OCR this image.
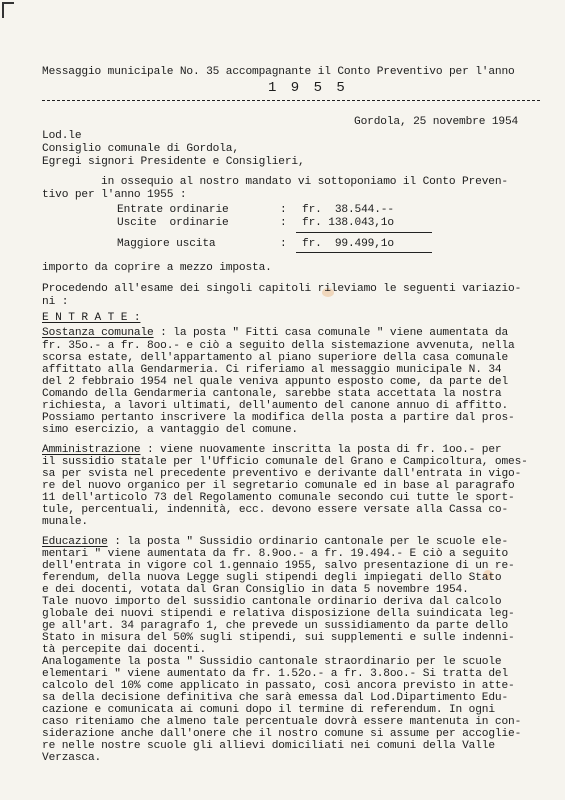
Messaggio municipale No. 35 accompagnante il Conto Preventivo per l'anno
1 9 5 5
Gordola, 25 novembre 1954
Lod.le
Consiglio comunale di Gordola,
Egregi signori Presidente e Consiglieri,
in ossequio al nostro mandato vi sottoponiamo il Conto Preven-
tivo per l'anno 1955 :
Entrate ordinarie	: fr.  38.544.--
Uscite  ordinarie	: fr. 138.043,1o
Maggiore uscita	: fr.  99.499,1o
importo da coprire a mezzo imposta.
Procedendo all'esame dei singoli capitoli rileviamo le seguenti variazio-
ni :
E N T R A T E :
Sostanza comunale : la posta " Fitti casa comunale " viene aumentata da
fr. 35o.- a fr. 8oo.- e ciò a seguito della sistemazione avvenuta, nella
scorsa estate, dell'appartamento al piano superiore della casa comunale
affittato alla Gendarmeria. Ci riferiamo al messaggio municipale N. 34
del 2 febbraio 1954 nel quale veniva appunto esposto come, da parte del
Comando della Gendarmeria cantonale, sarebbe stata accettata la nostra
richiesta, a lavori ultimati, dell'aumento del canone annuo di affitto.
Possiamo pertanto inscrivere la modifica della posta a partire dal pros-
simo esercizio, a vantaggio del comune.
Amministrazione : viene nuovamente inscritta la posta di fr. 1oo.- per
il sussidio statale per l'Ufficio comunale del Grano e Campicoltura, omes-
sa per svista nel precedente preventivo e derivante dall'entrata in vigo-
re del nuovo organico per il segretario comunale ed in base al paragrafo
11 dell'articolo 73 del Regolamento comunale secondo cui tutte le sport-
tule, percentuali, indennità, ecc. devono essere versate alla Cassa co-
munale.
Educazione : la posta " Sussidio ordinario cantonale per le scuole ele-
mentari " viene aumentata da fr. 8.9oo.- a fr. 19.494.- E ciò a seguito
dell'entrata in vigore col 1.gennaio 1955, salvo presentazione di un re-
ferendum, della nuova Legge sugli stipendi degli impiegati dello Stato
e dei docenti, votata dal Gran Consiglio in data 5 novembre 1954.
Tale nuovo importo del sussidio cantonale ordinario deriva dal calcolo
globale dei nuovi stipendi e relativa disposizione della suindicata leg-
ge all'art. 34 paragrafo 1, che prevede un sussidiamento da parte dello
Stato in misura del 50% sugli stipendi, sui supplementi e sulle indenni-
tà percepite dai docenti.
Analogamente la posta " Sussidio cantonale straordinario per le scuole
elementari " viene aumentato da fr. 1.52o.- a fr. 3.8oo.- Si tratta del
calcolo del 10% come applicato in passato, così ancora previsto in atte-
sa della decisione definitiva che sarà emessa dal Lod.Dipartimento Edu-
cazione e comunicata ai comuni dopo il termine di referendum. In ogni
caso riteniamo che almeno tale percentuale dovrà essere mantenuta in con-
siderazione anche dall'onere che il nostro comune si assume per accoglie-
re nelle nostre scuole gli allievi domiciliati nei comuni della Valle
Verzasca.
